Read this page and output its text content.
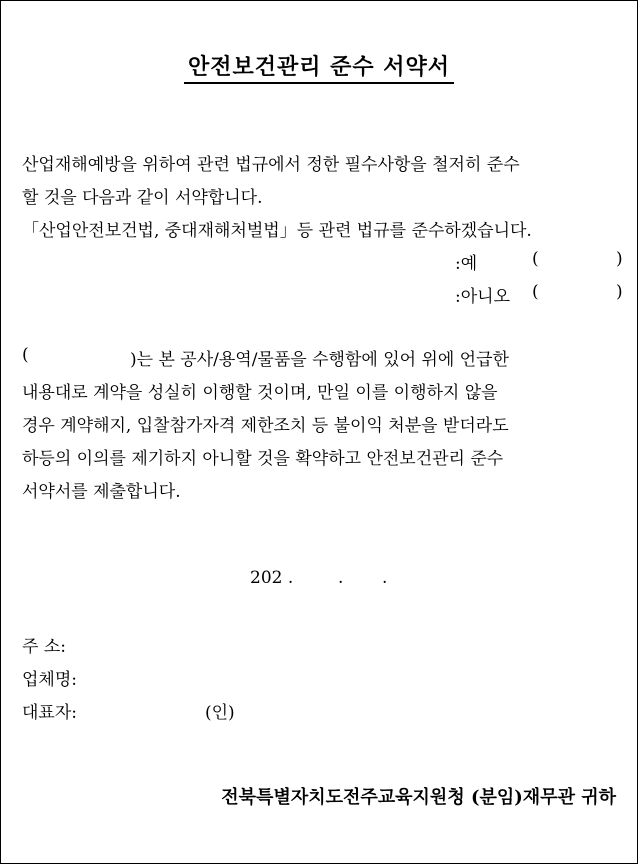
안전보건관리 준수 서약서
산업재해예방을 위하여 관련 법규에서 정한 필수사항을 철저히 준수
할 것을 다음과 같이 서약합니다.
「산업안전보건법, 중대재해처벌법」등 관련 법규를 준수하겠습니다.
:예	(	)
:아니오 (	)
(	)는 본 공사/용역/물품을 수행함에 있어 위에 언급한
내용대로 계약을 성실히 이행할 것이며, 만일 이를 이행하지 않을
경우 계약해지, 입찰참가자격 제한조치 등 불이익 처분을 받더라도
하등의 이의를 제기하지 아니할 것을 확약하고 안전보건관리 준수
서약서를 제출합니다.
202 .	. .
주 소:
업체명:
대표자:	(인)
전북특별자치도전주교육지원청 (분임)재무관 귀하
